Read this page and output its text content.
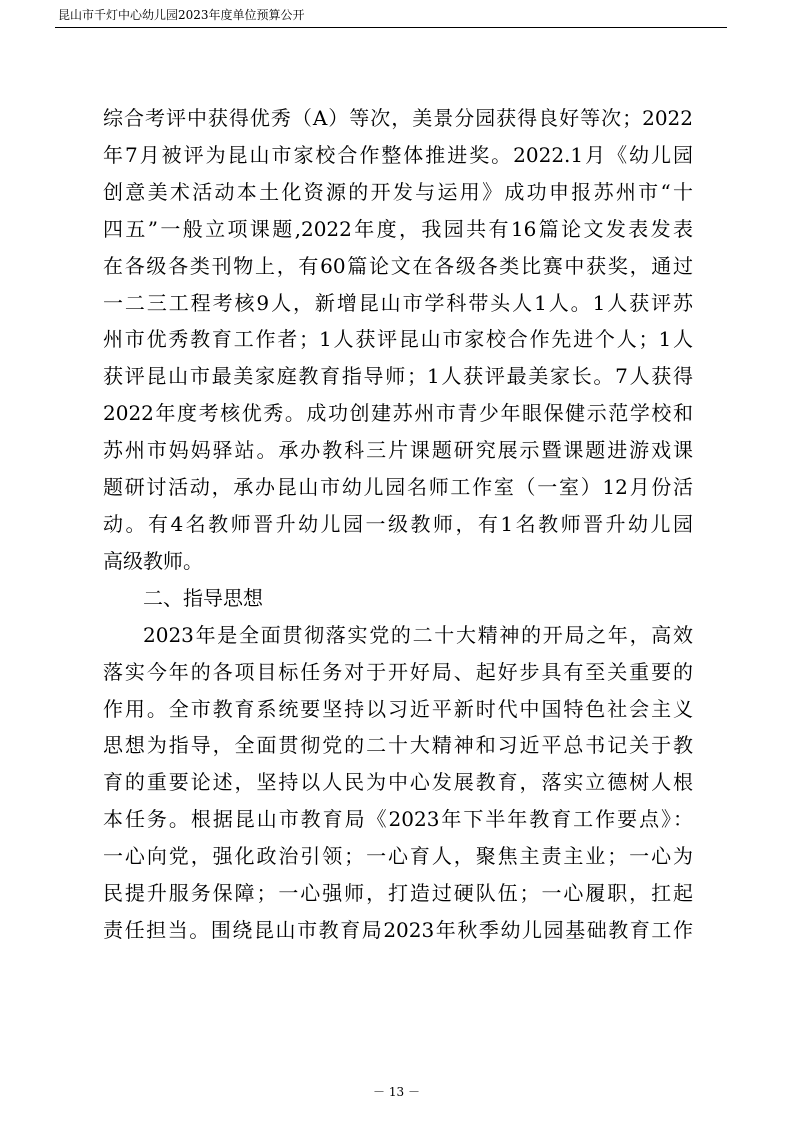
昆山市千灯中心幼儿园2023年度单位预算公开
综合考评中获得优秀（A）等次，美景分园获得良好等次；2022
年7月被评为昆山市家校合作整体推进奖。2022.1月《幼儿园
创意美术活动本土化资源的开发与运用》成功申报苏州市“十
四五”一般立项课题,2022年度，我园共有16篇论文发表发表
在各级各类刊物上，有60篇论文在各级各类比赛中获奖，通过
一二三工程考核9人，新增昆山市学科带头人1人。1人获评苏
州市优秀教育工作者；1人获评昆山市家校合作先进个人；1人
获评昆山市最美家庭教育指导师；1人获评最美家长。7人获得
2022年度考核优秀。成功创建苏州市青少年眼保健示范学校和
苏州市妈妈驿站。承办教科三片课题研究展示暨课题进游戏课
题研讨活动，承办昆山市幼儿园名师工作室（一室）12月份活
动。有4名教师晋升幼儿园一级教师，有1名教师晋升幼儿园
高级教师。
二、指导思想
2023年是全面贯彻落实党的二十大精神的开局之年，高效
落实今年的各项目标任务对于开好局、起好步具有至关重要的
作用。全市教育系统要坚持以习近平新时代中国特色社会主义
思想为指导，全面贯彻党的二十大精神和习近平总书记关于教
育的重要论述，坚持以人民为中心发展教育，落实立德树人根
本任务。根据昆山市教育局《2023年下半年教育工作要点》：
一心向党，强化政治引领；一心育人，聚焦主责主业；一心为
民提升服务保障；一心强师，打造过硬队伍；一心履职，扛起
责任担当。围绕昆山市教育局2023年秋季幼儿园基础教育工作
－ 13 －
